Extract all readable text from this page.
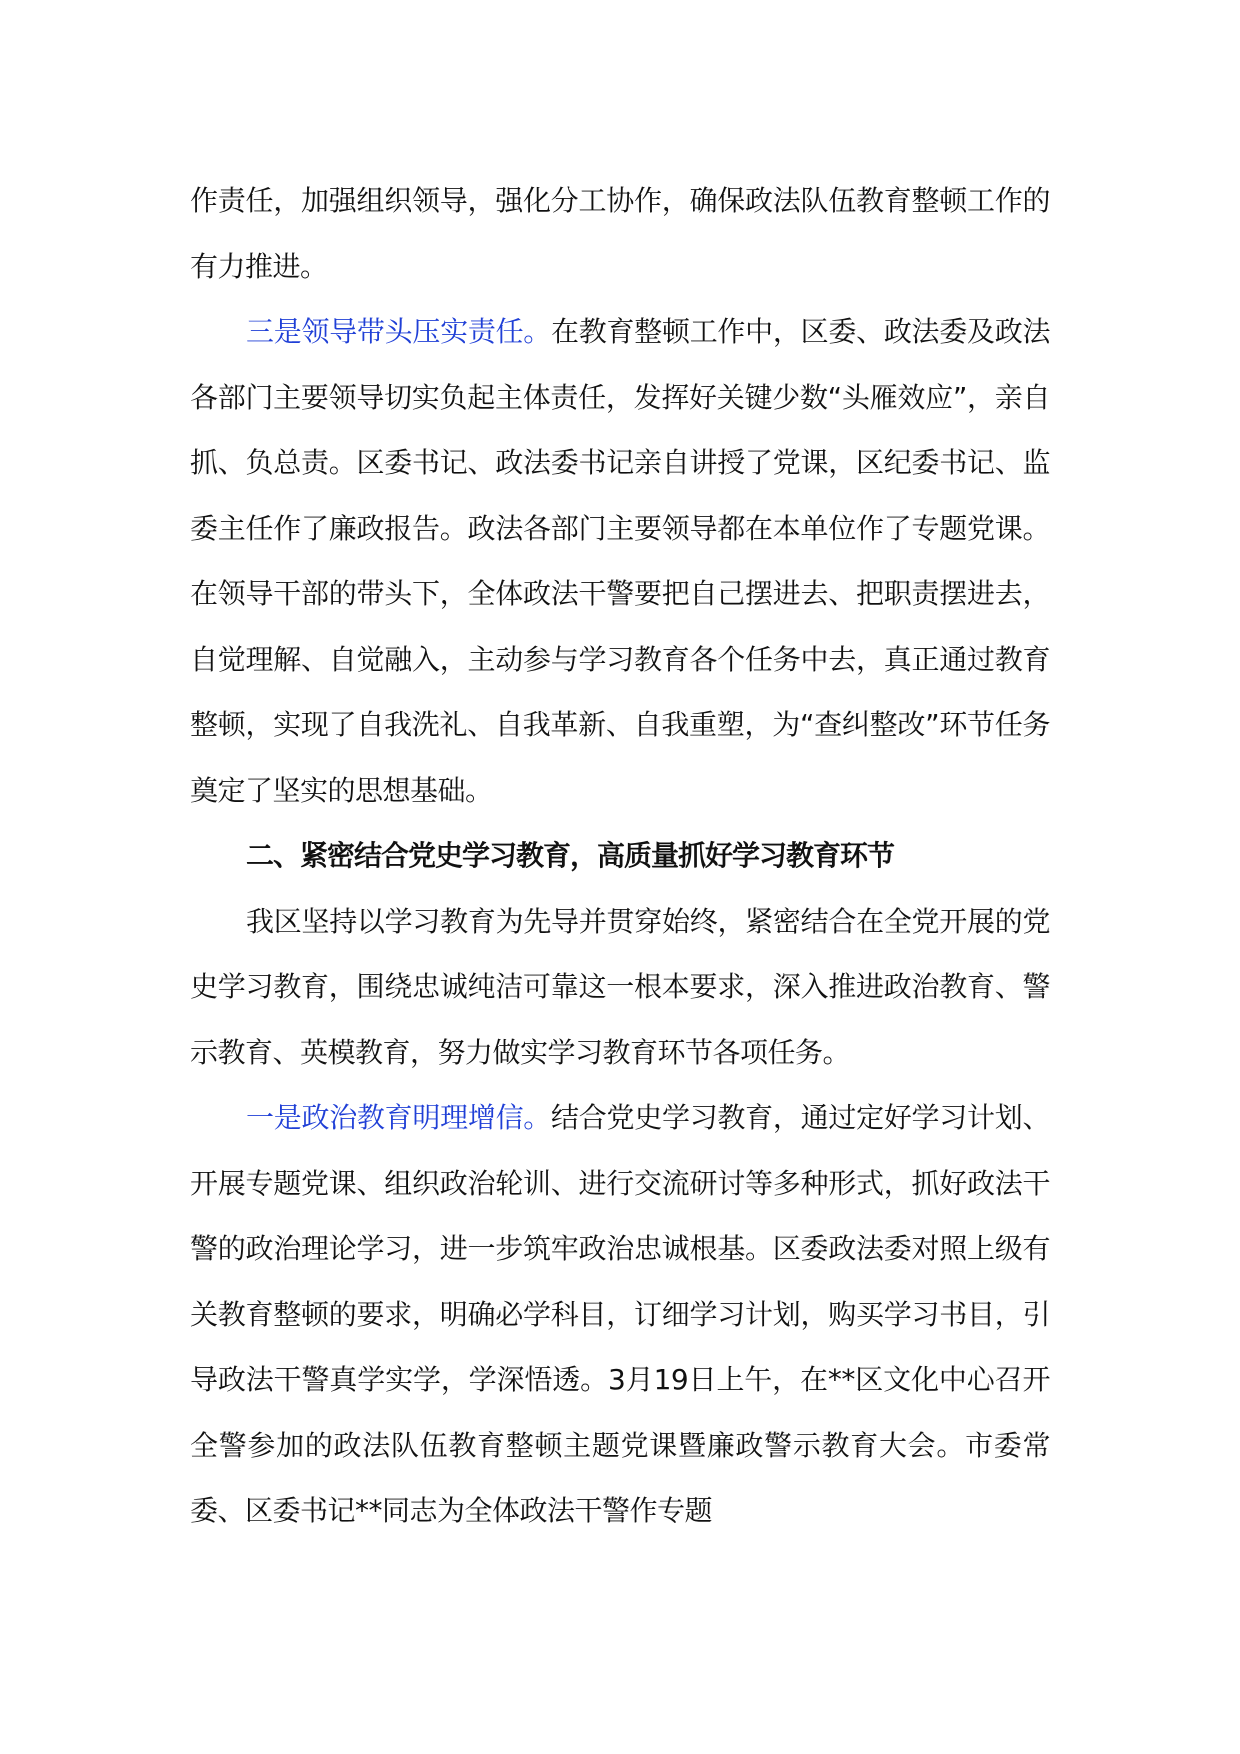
作责任，加强组织领导，强化分工协作，确保政法队伍教育整顿工作的有力推进。

三是领导带头压实责任。在教育整顿工作中，区委、政法委及政法各部门主要领导切实负起主体责任，发挥好关键少数“头雁效应”，亲自抓、负总责。区委书记、政法委书记亲自讲授了党课，区纪委书记、监委主任作了廉政报告。政法各部门主要领导都在本单位作了专题党课。在领导干部的带头下，全体政法干警要把自己摆进去、把职责摆进去，自觉理解、自觉融入，主动参与学习教育各个任务中去，真正通过教育整顿，实现了自我洗礼、自我革新、自我重塑，为“查纠整改”环节任务奠定了坚实的思想基础。

二、紧密结合党史学习教育，高质量抓好学习教育环节

我区坚持以学习教育为先导并贯穿始终，紧密结合在全党开展的党史学习教育，围绕忠诚纯洁可靠这一根本要求，深入推进政治教育、警示教育、英模教育，努力做实学习教育环节各项任务。

一是政治教育明理增信。结合党史学习教育，通过定好学习计划、开展专题党课、组织政治轮训、进行交流研讨等多种形式，抓好政法干警的政治理论学习，进一步筑牢政治忠诚根基。区委政法委对照上级有关教育整顿的要求，明确必学科目，订细学习计划，购买学习书目，引导政法干警真学实学，学深悟透。3月19日上午，在**区文化中心召开全警参加的政法队伍教育整顿主题党课暨廉政警示教育大会。市委常委、区委书记**同志为全体政法干警作专题
